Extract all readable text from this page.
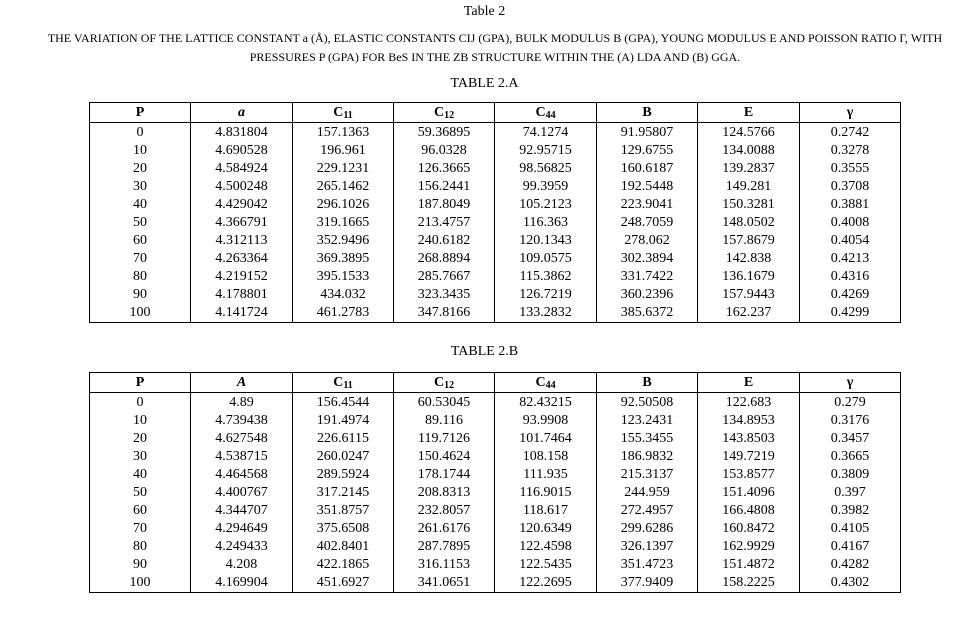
Table 2
THE VARIATION OF THE LATTICE CONSTANT a (Å), ELASTIC CONSTANTS CIJ (GPA), BULK MODULUS B (GPA), YOUNG MODULUS E AND POISSON RATIO Γ, WITH PRESSURES P (GPA) FOR BeS IN THE ZB STRUCTURE WITHIN THE (A) LDA AND (B) GGA.
TABLE 2.A
P	a	$C_{11}$	$C_{12}$	$C_{44}$	B	E	γ
0	4.831804	157.1363	59.36895	74.1274	91.95807	124.5766	0.2742
10	4.690528	196.961	96.0328	92.95715	129.6755	134.0088	0.3278
20	4.584924	229.1231	126.3665	98.56825	160.6187	139.2837	0.3555
30	4.500248	265.1462	156.2441	99.3959	192.5448	149.281	0.3708
40	4.429042	296.1026	187.8049	105.2123	223.9041	150.3281	0.3881
50	4.366791	319.1665	213.4757	116.363	248.7059	148.0502	0.4008
60	4.312113	352.9496	240.6182	120.1343	278.062	157.8679	0.4054
70	4.263364	369.3895	268.8894	109.0575	302.3894	142.838	0.4213
80	4.219152	395.1533	285.7667	115.3862	331.7422	136.1679	0.4316
90	4.178801	434.032	323.3435	126.7219	360.2396	157.9443	0.4269
100	4.141724	461.2783	347.8166	133.2832	385.6372	162.237	0.4299
TABLE 2.B
P	A	$C_{11}$	$C_{12}$	$C_{44}$	B	E	γ
0	4.89	156.4544	60.53045	82.43215	92.50508	122.683	0.279
10	4.739438	191.4974	89.116	93.9908	123.2431	134.8953	0.3176
20	4.627548	226.6115	119.7126	101.7464	155.3455	143.8503	0.3457
30	4.538715	260.0247	150.4624	108.158	186.9832	149.7219	0.3665
40	4.464568	289.5924	178.1744	111.935	215.3137	153.8577	0.3809
50	4.400767	317.2145	208.8313	116.9015	244.959	151.4096	0.397
60	4.344707	351.8757	232.8057	118.617	272.4957	166.4808	0.3982
70	4.294649	375.6508	261.6176	120.6349	299.6286	160.8472	0.4105
80	4.249433	402.8401	287.7895	122.4598	326.1397	162.9929	0.4167
90	4.208	422.1865	316.1153	122.5435	351.4723	151.4872	0.4282
100	4.169904	451.6927	341.0651	122.2695	377.9409	158.2225	0.4302
